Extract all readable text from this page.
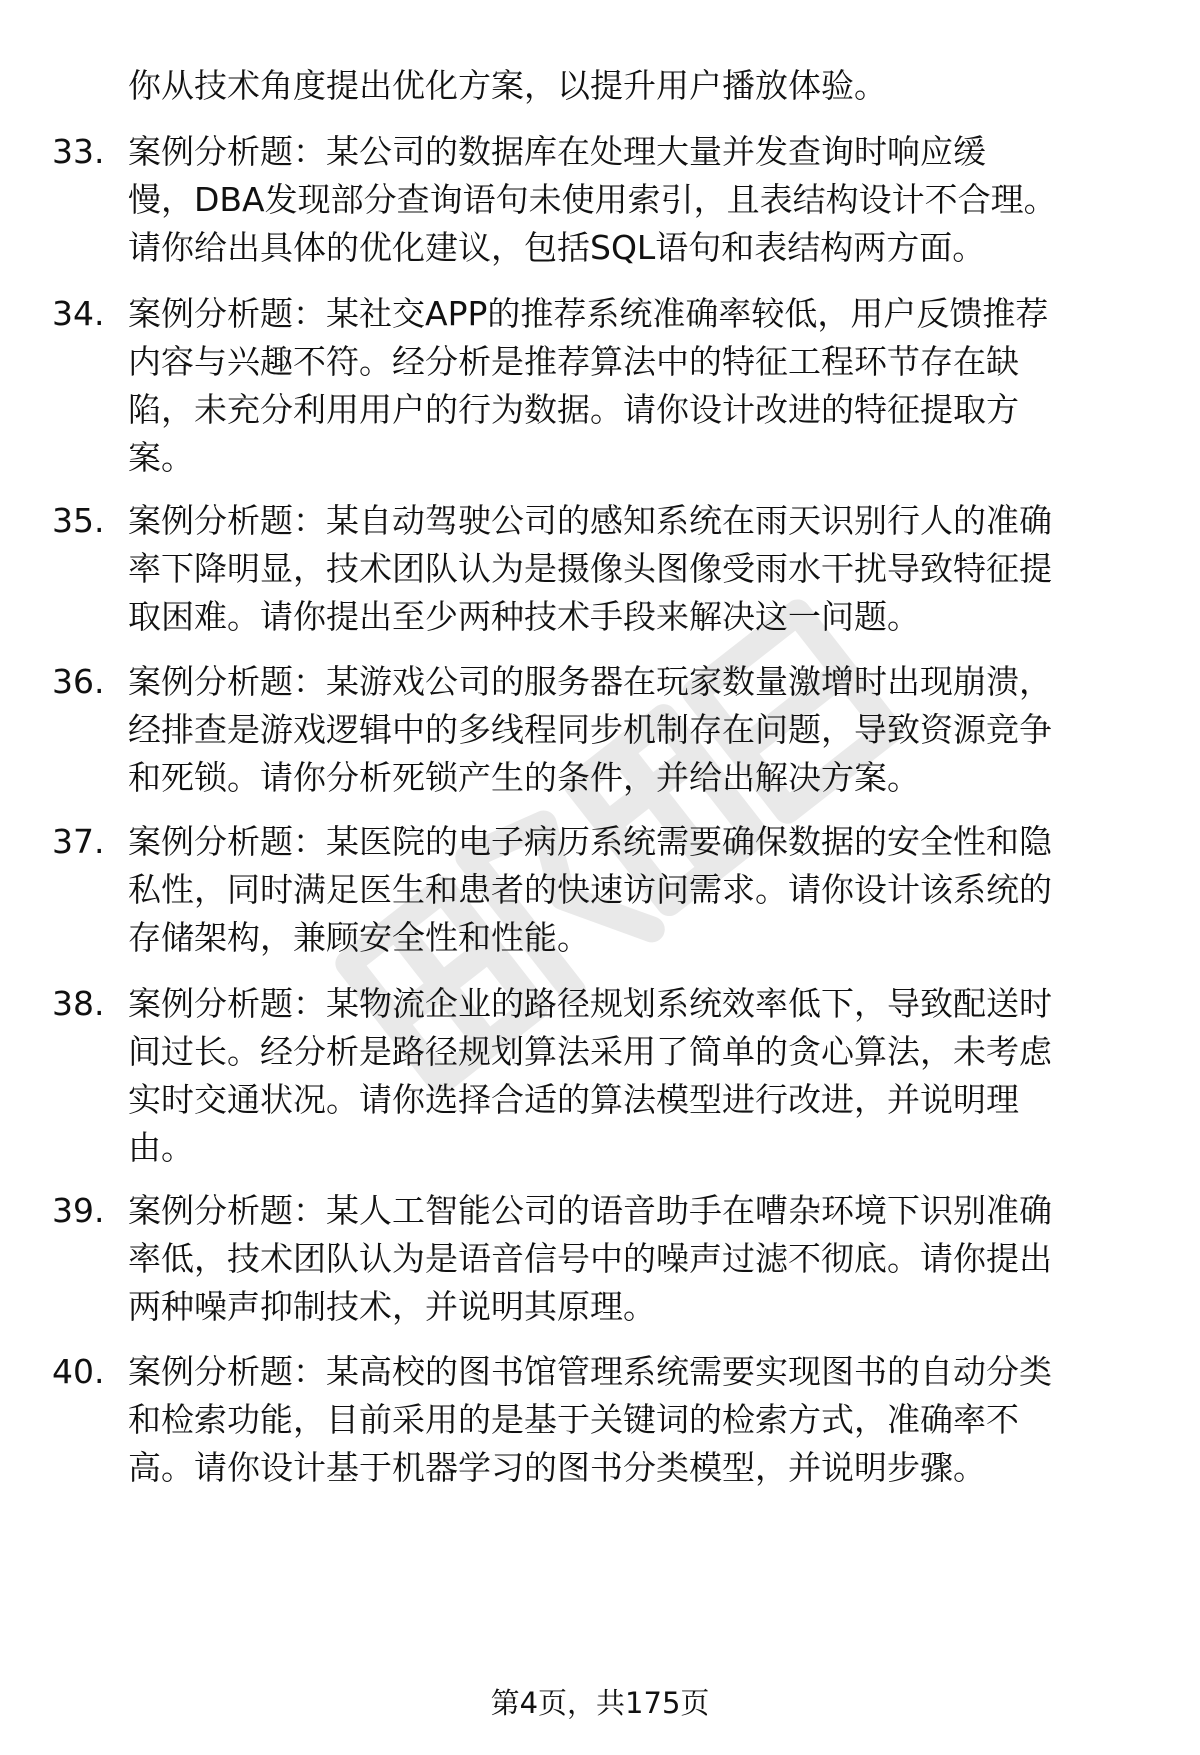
你从技术角度提出优化方案，以提升用户播放体验。
33. 案例分析题：某公司的数据库在处理大量并发查询时响应缓
慢，DBA发现部分查询语句未使用索引，且表结构设计不合理。
请你给出具体的优化建议，包括SQL语句和表结构两方面。
34. 案例分析题：某社交APP的推荐系统准确率较低，用户反馈推荐
内容与兴趣不符。经分析是推荐算法中的特征工程环节存在缺
陷，未充分利用用户的行为数据。请你设计改进的特征提取方
案。
35. 案例分析题：某自动驾驶公司的感知系统在雨天识别行人的准确
率下降明显，技术团队认为是摄像头图像受雨水干扰导致特征提
取困难。请你提出至少两种技术手段来解决这一问题。
36. 案例分析题：某游戏公司的服务器在玩家数量激增时出现崩溃，
经排查是游戏逻辑中的多线程同步机制存在问题，导致资源竞争
和死锁。请你分析死锁产生的条件，并给出解决方案。
37. 案例分析题：某医院的电子病历系统需要确保数据的安全性和隐
私性，同时满足医生和患者的快速访问需求。请你设计该系统的
存储架构，兼顾安全性和性能。
38. 案例分析题：某物流企业的路径规划系统效率低下，导致配送时
间过长。经分析是路径规划算法采用了简单的贪心算法，未考虑
实时交通状况。请你选择合适的算法模型进行改进，并说明理
由。
39. 案例分析题：某人工智能公司的语音助手在嘈杂环境下识别准确
率低，技术团队认为是语音信号中的噪声过滤不彻底。请你提出
两种噪声抑制技术，并说明其原理。
40. 案例分析题：某高校的图书馆管理系统需要实现图书的自动分类
和检索功能，目前采用的是基于关键词的检索方式，准确率不
高。请你设计基于机器学习的图书分类模型，并说明步骤。
第4页，共175页
